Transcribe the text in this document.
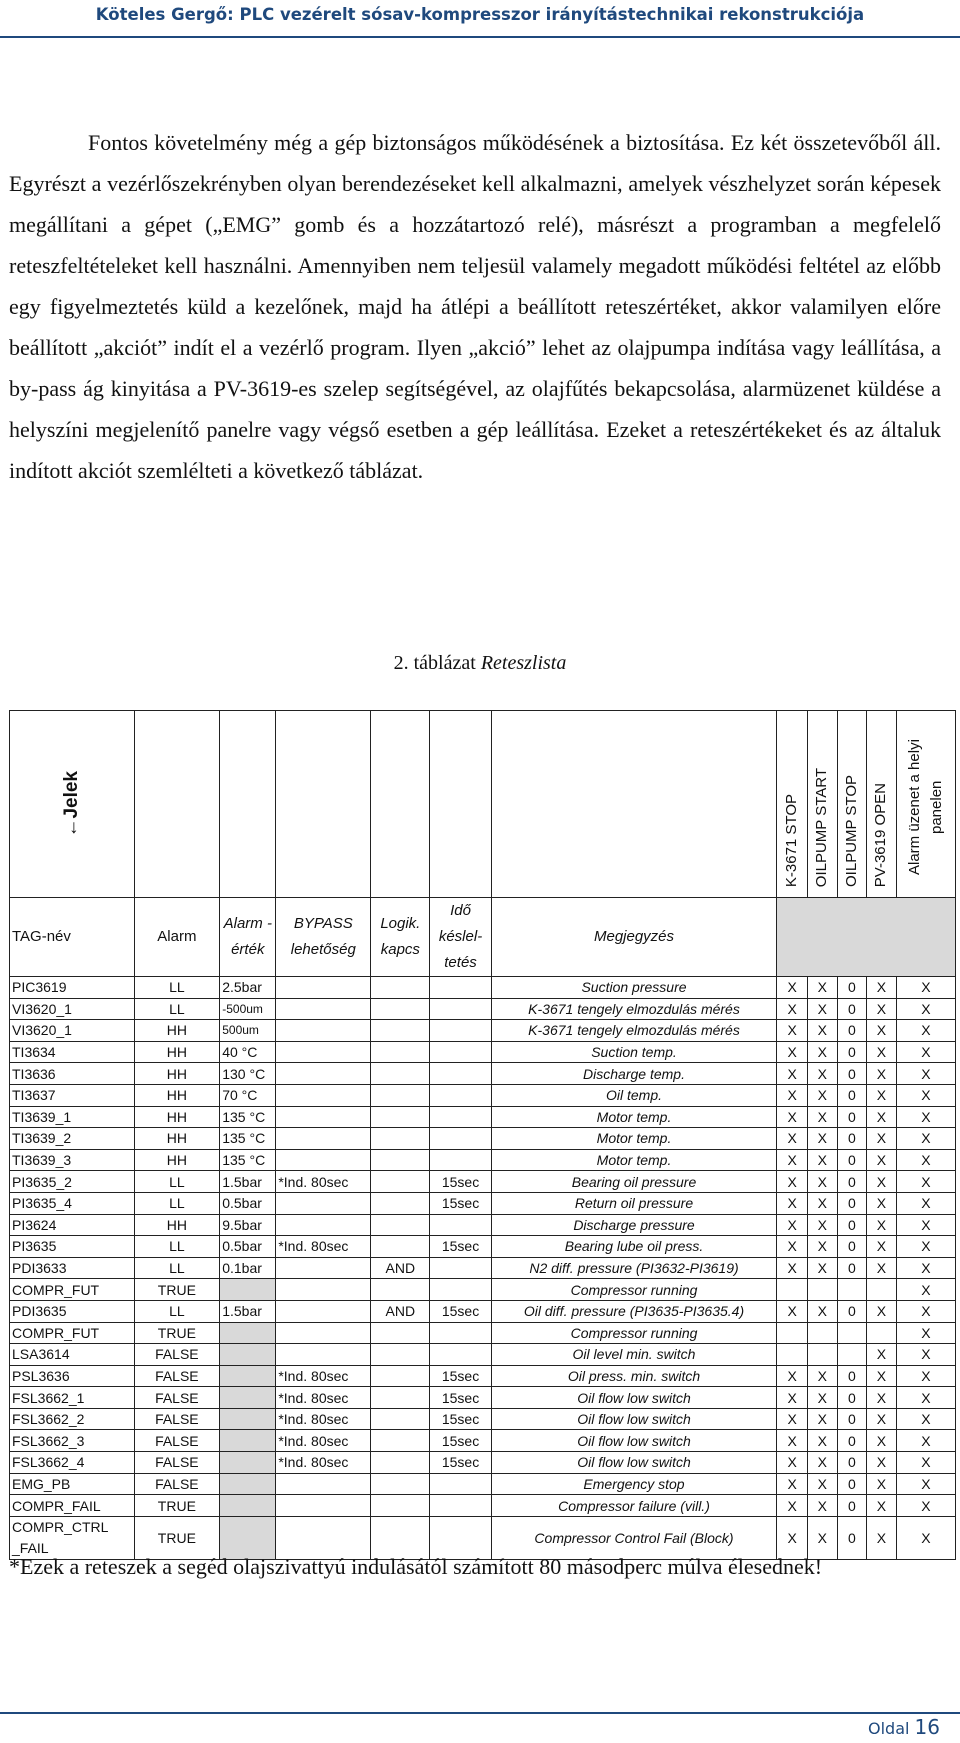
Köteles Gergő: PLC vezérelt sósav-kompresszor irányítástechnikai rekonstrukciója

Fontos követelmény még a gép biztonságos működésének a biztosítása. Ez két összetevőből áll. Egyrészt a vezérlőszekrényben olyan berendezéseket kell alkalmazni, amelyek vészhelyzet során képesek megállítani a gépet („EMG” gomb és a hozzátartozó relé), másrészt a programban a megfelelő reteszfeltételeket kell használni. Amennyiben nem teljesül valamely megadott működési feltétel az előbb egy figyelmeztetés küld a kezelőnek, majd ha átlépi a beállított reteszértéket, akkor valamilyen előre beállított „akciót” indít el a vezérlő program. Ilyen „akció” lehet az olajpumpa indítása vagy leállítása, a by-pass ág kinyitása a PV-3619-es szelep segítségével, az olajfűtés bekapcsolása, alarmüzenet küldése a helyszíni megjelenítő panelre vagy végső esetben a gép leállítása. Ezeket a reteszértékeket és az általuk indított akciót szemlélteti a következő táblázat.

2. táblázat Reteszlista
←Jelek							K-3671 STOP	OILPUMP START	OILPUMP STOP	PV-3619 OPEN	Alarm üzenet a helyi panelen
TAG-név	Alarm	Alarm - érték	BYPASS lehetőség	Logik. kapcs	Idő késlel- tetés	Megjegyzés					
PIC3619	LL	2.5bar				Suction pressure	X	X	0	X	X
VI3620_1	LL	-500um				K-3671 tengely elmozdulás mérés	X	X	0	X	X
VI3620_1	HH	500um				K-3671 tengely elmozdulás mérés	X	X	0	X	X
TI3634	HH	40 °C				Suction temp.	X	X	0	X	X
TI3636	HH	130 °C				Discharge temp.	X	X	0	X	X
TI3637	HH	70 °C				Oil temp.	X	X	0	X	X
TI3639_1	HH	135 °C				Motor temp.	X	X	0	X	X
TI3639_2	HH	135 °C				Motor temp.	X	X	0	X	X
TI3639_3	HH	135 °C				Motor temp.	X	X	0	X	X
PI3635_2	LL	1.5bar	*Ind. 80sec		15sec	Bearing oil pressure	X	X	0	X	X
PI3635_4	LL	0.5bar			15sec	Return oil pressure	X	X	0	X	X
PI3624	HH	9.5bar				Discharge pressure	X	X	0	X	X
PI3635	LL	0.5bar	*Ind. 80sec		15sec	Bearing lube oil press.	X	X	0	X	X
PDI3633	LL	0.1bar		AND		N2 diff. pressure (PI3632-PI3619)	X	X	0	X	X
COMPR_FUT	TRUE					Compressor running					X
PDI3635	LL	1.5bar		AND	15sec	Oil diff. pressure (PI3635-PI3635.4)	X	X	0	X	X
COMPR_FUT	TRUE					Compressor running					X
LSA3614	FALSE					Oil level min. switch				X	X
PSL3636	FALSE		*Ind. 80sec		15sec	Oil press. min. switch	X	X	0	X	X
FSL3662_1	FALSE		*Ind. 80sec		15sec	Oil flow low switch	X	X	0	X	X
FSL3662_2	FALSE		*Ind. 80sec		15sec	Oil flow low switch	X	X	0	X	X
FSL3662_3	FALSE		*Ind. 80sec		15sec	Oil flow low switch	X	X	0	X	X
FSL3662_4	FALSE		*Ind. 80sec		15sec	Oil flow low switch	X	X	0	X	X
EMG_PB	FALSE					Emergency stop	X	X	0	X	X
COMPR_FAIL	TRUE					Compressor failure (vill.)	X	X	0	X	X
COMPR_CTRL _FAIL	TRUE					Compressor Control Fail (Block)	X	X	0	X	X
*Ezek a reteszek a segéd olajszivattyú indulásától számított 80 másodperc múlva élesednek!
Oldal 16
